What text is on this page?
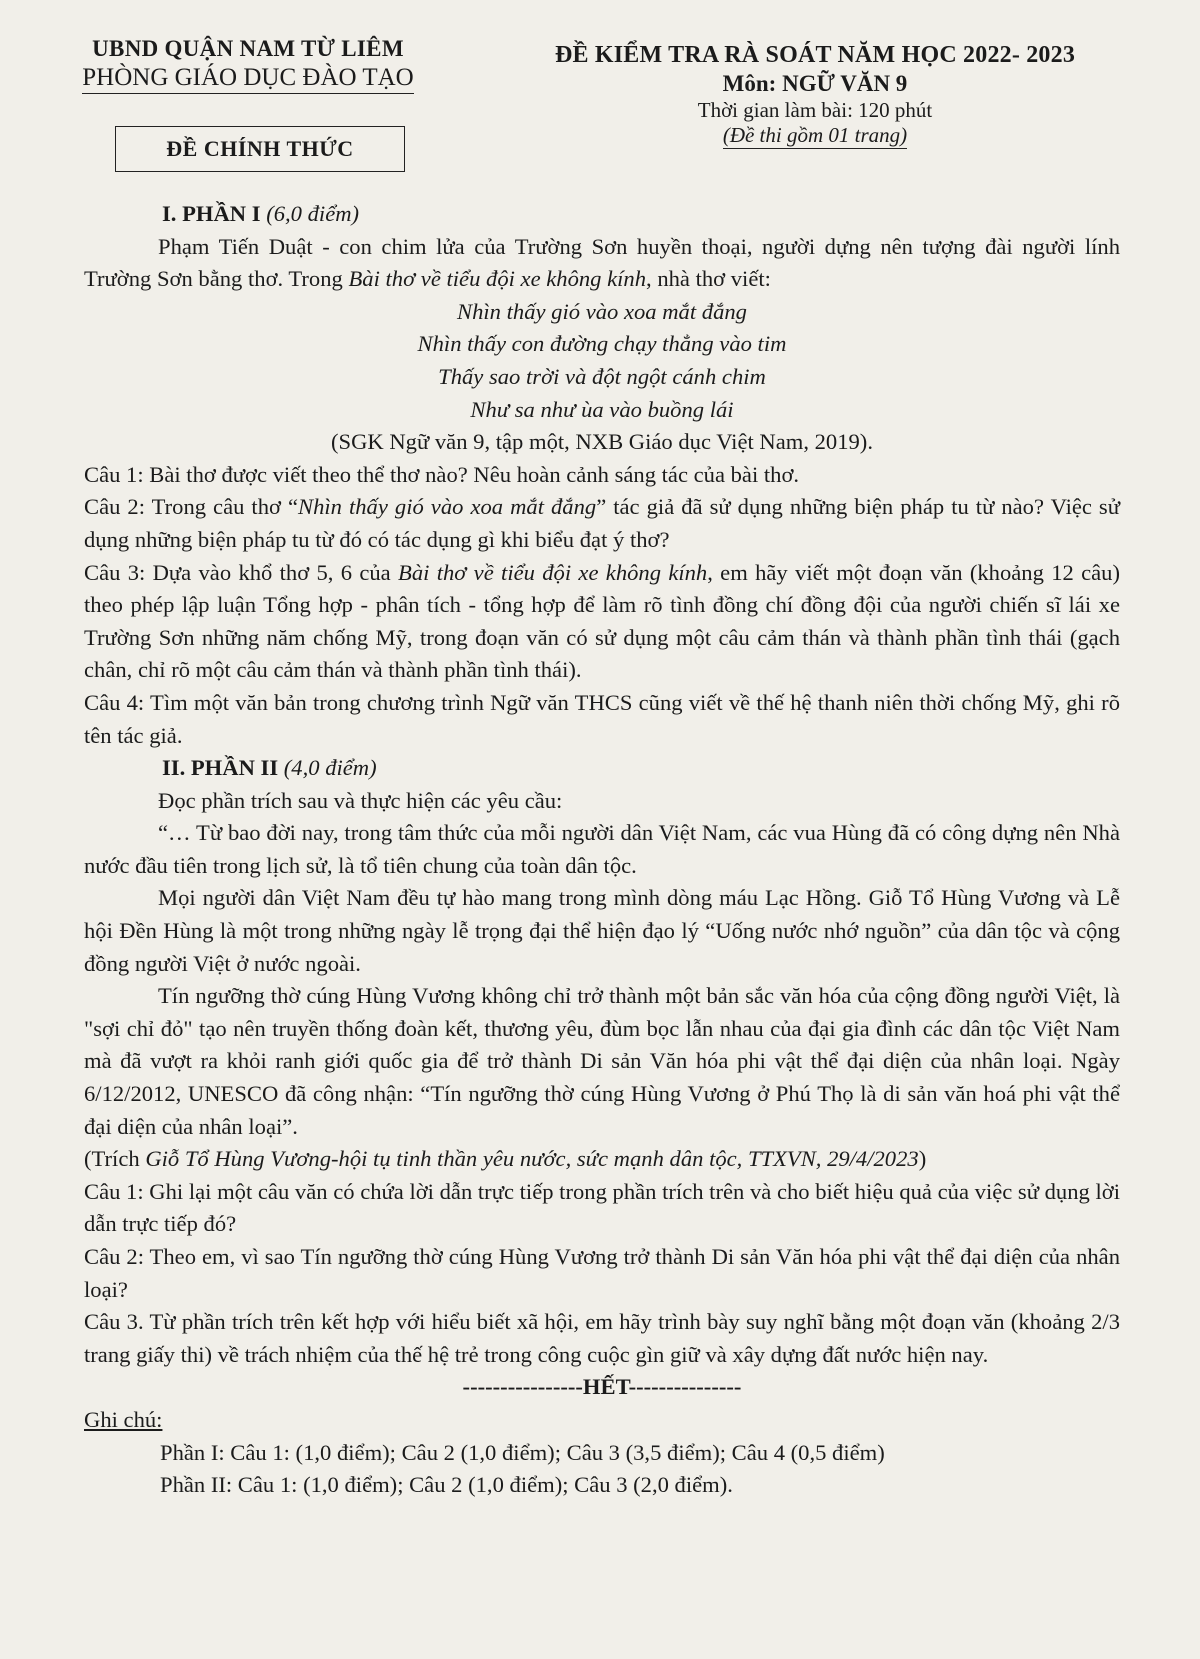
UBND QUẬN NAM TỪ LIÊM
PHÒNG GIÁO DỤC ĐÀO TẠO
ĐỀ CHÍNH THỨC
ĐỀ KIỂM TRA RÀ SOÁT NĂM HỌC 2022- 2023
Môn: NGỮ VĂN 9
Thời gian làm bài: 120 phút
(Đề thi gồm 01 trang)

I. PHẦN I (6,0 điểm)

Phạm Tiến Duật - con chim lửa của Trường Sơn huyền thoại, người dựng nên tượng đài người lính Trường Sơn bằng thơ. Trong Bài thơ về tiểu đội xe không kính, nhà thơ viết:

Nhìn thấy gió vào xoa mắt đắng

Nhìn thấy con đường chạy thẳng vào tim

Thấy sao trời và đột ngột cánh chim

Như sa như ùa vào buồng lái

(SGK Ngữ văn 9, tập một, NXB Giáo dục Việt Nam, 2019).

Câu 1: Bài thơ được viết theo thể thơ nào? Nêu hoàn cảnh sáng tác của bài thơ.

Câu 2: Trong câu thơ “Nhìn thấy gió vào xoa mắt đắng” tác giả đã sử dụng những biện pháp tu từ nào? Việc sử dụng những biện pháp tu từ đó có tác dụng gì khi biểu đạt ý thơ?

Câu 3: Dựa vào khổ thơ 5, 6 của Bài thơ về tiểu đội xe không kính, em hãy viết một đoạn văn (khoảng 12 câu) theo phép lập luận Tổng hợp - phân tích - tổng hợp để làm rõ tình đồng chí đồng đội của người chiến sĩ lái xe Trường Sơn những năm chống Mỹ, trong đoạn văn có sử dụng một câu cảm thán và thành phần tình thái (gạch chân, chỉ rõ một câu cảm thán và thành phần tình thái).

Câu 4: Tìm một văn bản trong chương trình Ngữ văn THCS cũng viết về thế hệ thanh niên thời chống Mỹ, ghi rõ tên tác giả.

II. PHẦN II (4,0 điểm)

Đọc phần trích sau và thực hiện các yêu cầu:

“… Từ bao đời nay, trong tâm thức của mỗi người dân Việt Nam, các vua Hùng đã có công dựng nên Nhà nước đầu tiên trong lịch sử, là tổ tiên chung của toàn dân tộc.

Mọi người dân Việt Nam đều tự hào mang trong mình dòng máu Lạc Hồng. Giỗ Tổ Hùng Vương và Lễ hội Đền Hùng là một trong những ngày lễ trọng đại thể hiện đạo lý “Uống nước nhớ nguồn” của dân tộc và cộng đồng người Việt ở nước ngoài.

Tín ngưỡng thờ cúng Hùng Vương không chỉ trở thành một bản sắc văn hóa của cộng đồng người Việt, là "sợi chỉ đỏ" tạo nên truyền thống đoàn kết, thương yêu, đùm bọc lẫn nhau của đại gia đình các dân tộc Việt Nam mà đã vượt ra khỏi ranh giới quốc gia để trở thành Di sản Văn hóa phi vật thể đại diện của nhân loại. Ngày 6/12/2012, UNESCO đã công nhận: “Tín ngưỡng thờ cúng Hùng Vương ở Phú Thọ là di sản văn hoá phi vật thể đại diện của nhân loại”.

(Trích Giỗ Tổ Hùng Vương-hội tụ tinh thần yêu nước, sức mạnh dân tộc, TTXVN, 29/4/2023)

Câu 1: Ghi lại một câu văn có chứa lời dẫn trực tiếp trong phần trích trên và cho biết hiệu quả của việc sử dụng lời dẫn trực tiếp đó?

Câu 2: Theo em, vì sao Tín ngưỡng thờ cúng Hùng Vương trở thành Di sản Văn hóa phi vật thể đại diện của nhân loại?

Câu 3. Từ phần trích trên kết hợp với hiểu biết xã hội, em hãy trình bày suy nghĩ bằng một đoạn văn (khoảng 2/3 trang giấy thi) về trách nhiệm của thế hệ trẻ trong công cuộc gìn giữ và xây dựng đất nước hiện nay.

----------------HẾT---------------

Ghi chú:

Phần I: Câu 1: (1,0 điểm); Câu 2 (1,0 điểm); Câu 3 (3,5 điểm); Câu 4 (0,5 điểm)

Phần II: Câu 1: (1,0 điểm); Câu 2 (1,0 điểm); Câu 3 (2,0 điểm).
